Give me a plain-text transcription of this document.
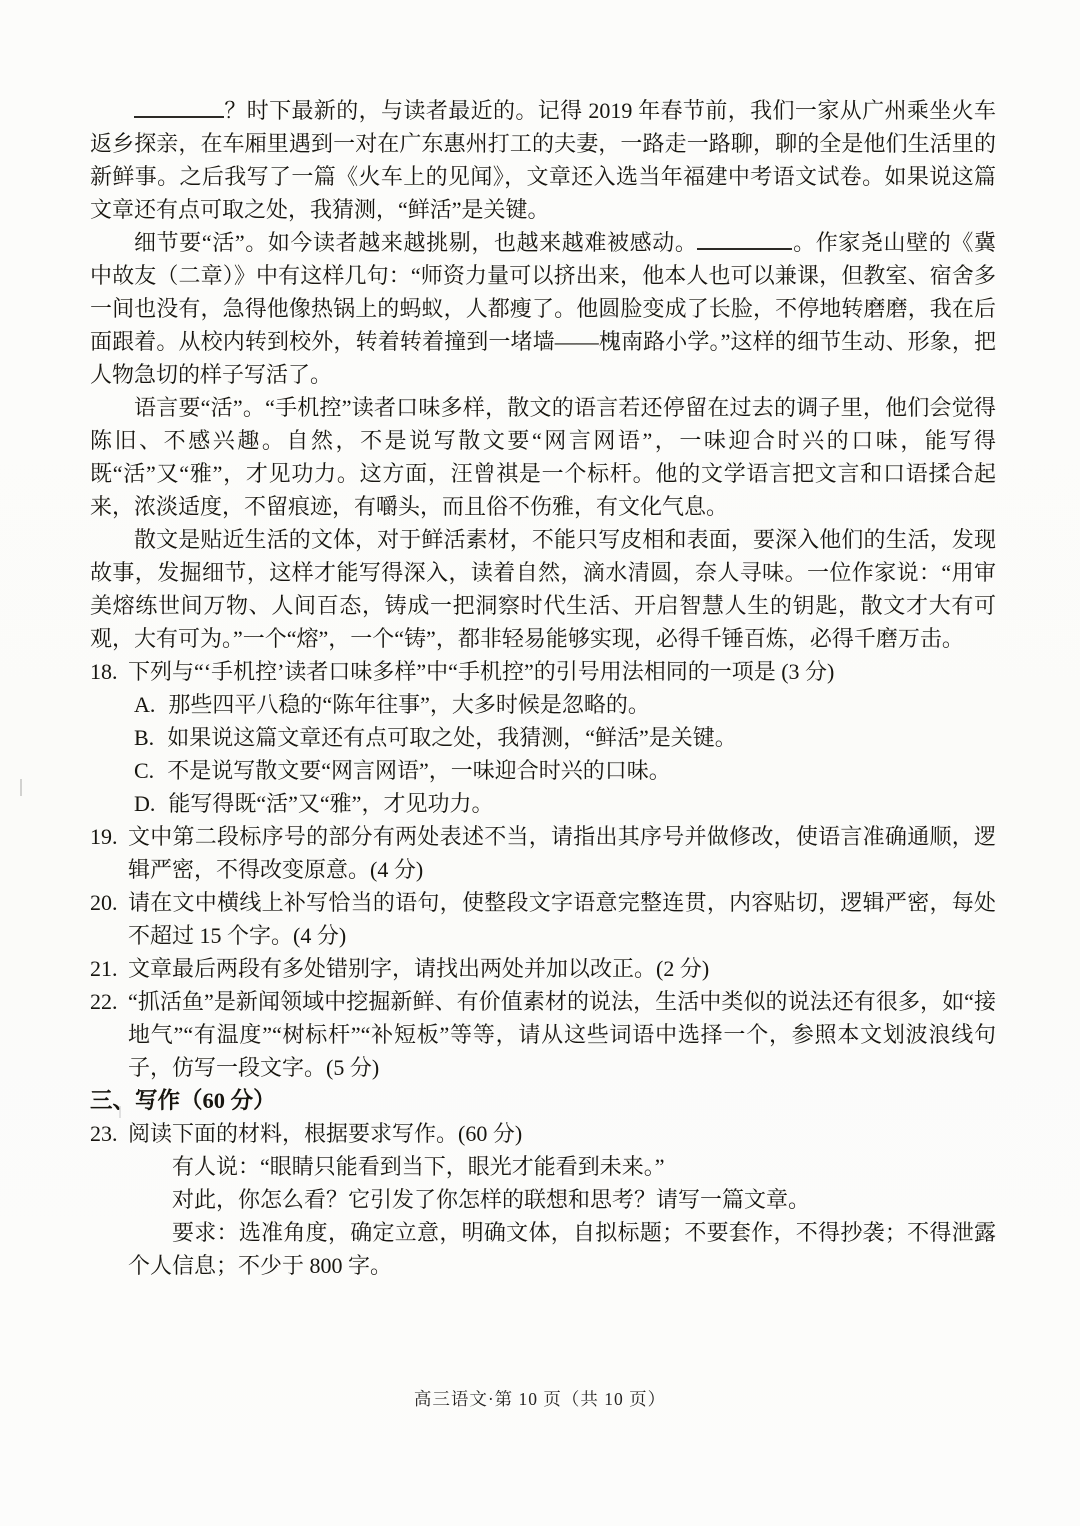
？时下最新的，与读者最近的。记得 2019 年春节前，我们一家从广州乘坐火车返乡探亲，在车厢里遇到一对在广东惠州打工的夫妻，一路走一路聊，聊的全是他们生活里的新鲜事。之后我写了一篇《火车上的见闻》，文章还入选当年福建中考语文试卷。如果说这篇文章还有点可取之处，我猜测，“鲜活”是关键。

细节要“活”。如今读者越来越挑剔，也越来越难被感动。	。作家尧山壁的《冀中故友（二章）》中有这样几句：“师资力量可以挤出来，他本人也可以兼课，但教室、宿舍多一间也没有，急得他像热锅上的蚂蚁，人都瘦了。他圆脸变成了长脸，不停地转磨磨，我在后面跟着。从校内转到校外，转着转着撞到一堵墙——槐南路小学。”这样的细节生动、形象，把人物急切的样子写活了。

语言要“活”。“手机控”读者口味多样，散文的语言若还停留在过去的调子里，他们会觉得陈旧、不感兴趣。自然，不是说写散文要“网言网语”，一味迎合时兴的口味，能写得既“活”又“雅”，才见功力。这方面，汪曾祺是一个标杆。他的文学语言把文言和口语揉合起来，浓淡适度，不留痕迹，有嚼头，而且俗不伤雅，有文化气息。

散文是贴近生活的文体，对于鲜活素材，不能只写皮相和表面，要深入他们的生活，发现故事，发掘细节，这样才能写得深入，读着自然，滴水清圆，奈人寻味。一位作家说：“用审美熔练世间万物、人间百态，铸成一把洞察时代生活、开启智慧人生的钥匙，散文才大有可观，大有可为。”一个“熔”，一个“铸”，都非轻易能够实现，必得千锤百炼，必得千磨万击。

18. 下列与“‘手机控’读者口味多样”中“手机控”的引号用法相同的一项是 (3 分)

A. 那些四平八稳的“陈年往事”，大多时候是忽略的。

B. 如果说这篇文章还有点可取之处，我猜测，“鲜活”是关键。

C. 不是说写散文要“网言网语”，一味迎合时兴的口味。

D. 能写得既“活”又“雅”，才见功力。

19. 文中第二段标序号的部分有两处表述不当，请指出其序号并做修改，使语言准确通顺，逻辑严密，不得改变原意。(4 分)
20. 请在文中横线上补写恰当的语句，使整段文字语意完整连贯，内容贴切，逻辑严密，每处不超过 15 个字。(4 分)
21. 文章最后两段有多处错别字，请找出两处并加以改正。(2 分)
22. “抓活鱼”是新闻领域中挖掘新鲜、有价值素材的说法，生活中类似的说法还有很多，如“接地气”“有温度”“树标杆”“补短板”等等，请从这些词语中选择一个，参照本文划波浪线句子，仿写一段文字。(5 分)

三、写作（60 分）

23. 阅读下面的材料，根据要求写作。(60 分)

有人说：“眼睛只能看到当下，眼光才能看到未来。”

对此，你怎么看？它引发了你怎样的联想和思考？请写一篇文章。

要求：选准角度，确定立意，明确文体，自拟标题；不要套作，不得抄袭；不得泄露个人信息；不少于 800 字。

高三语文·第 10 页（共 10 页）
